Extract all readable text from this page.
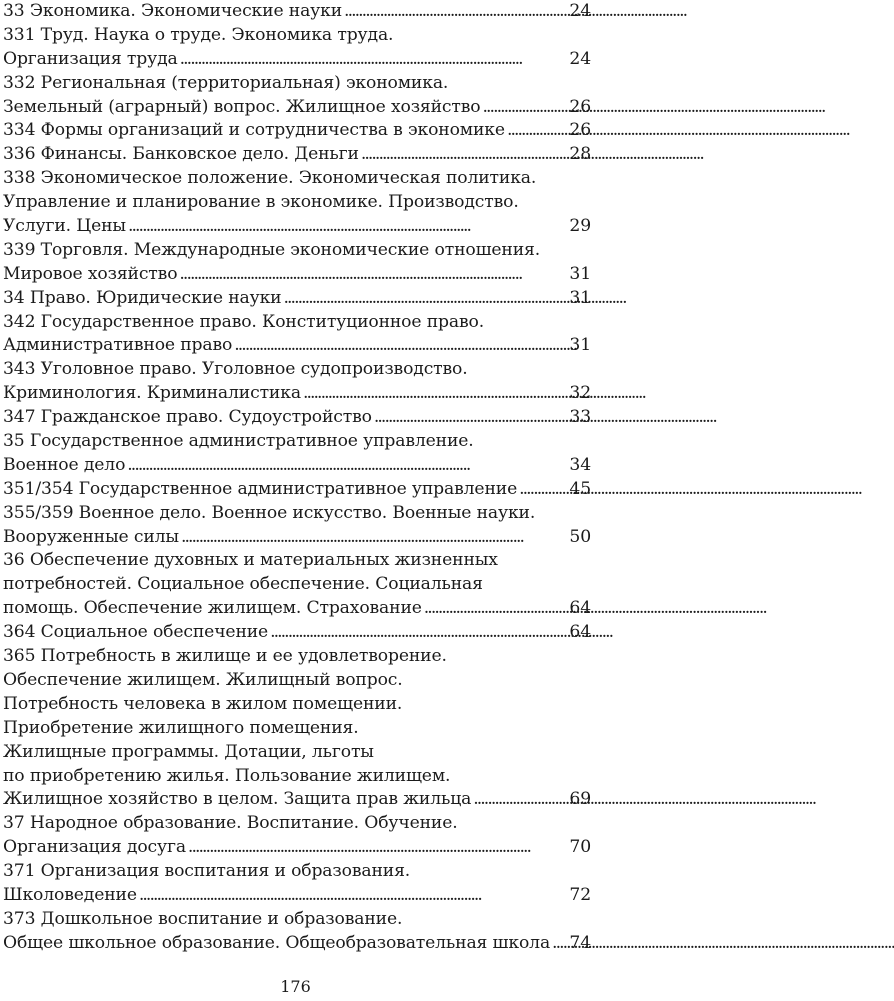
33 Экономика. Экономические науки . . .	24
331 Труд. Наука о труде. Экономика труда.
Организация труда . . .	24
332 Региональная (территориальная) экономика.
Земельный (аграрный) вопрос. Жилищное хозяйство . . .	26
334 Формы организаций и сотрудничества в экономике . . .	26
336 Финансы. Банковское дело. Деньги . . .	28
338 Экономическое положение. Экономическая политика.
Управление и планирование в экономике. Производство.
Услуги. Цены . . .	29
339 Торговля. Международные экономические отношения.
Мировое хозяйство . . .	31
34 Право. Юридические науки . . .	31
342 Государственное право. Конституционное право.
Административное право . . .	31
343 Уголовное право. Уголовное судопроизводство.
Криминология. Криминалистика . . .	32
347 Гражданское право. Судоустройство . . .	33
35 Государственное административное управление.
Военное дело . . .	34
351/354 Государственное административное управление . . .	45
355/359 Военное дело. Военное искусство. Военные науки.
Вооруженные силы . . .	50
36 Обеспечение духовных и материальных жизненных
потребностей. Социальное обеспечение. Социальная
помощь. Обеспечение жилищем. Страхование . . .	64
364 Социальное обеспечение . . .	64
365 Потребность в жилище и ее удовлетворение.
Обеспечение жилищем. Жилищный вопрос.
Потребность человека в жилом помещении.
Приобретение жилищного помещения.
Жилищные программы. Дотации, льготы
по приобретению жилья. Пользование жилищем.
Жилищное хозяйство в целом. Защита прав жильца . . .	69
37 Народное образование. Воспитание. Обучение.
Организация досуга . . .	70
371 Организация воспитания и образования.
Школоведение . . .	72
373 Дошкольное воспитание и образование.
Общее школьное образование. Общеобразовательная школа . . . 74
176
